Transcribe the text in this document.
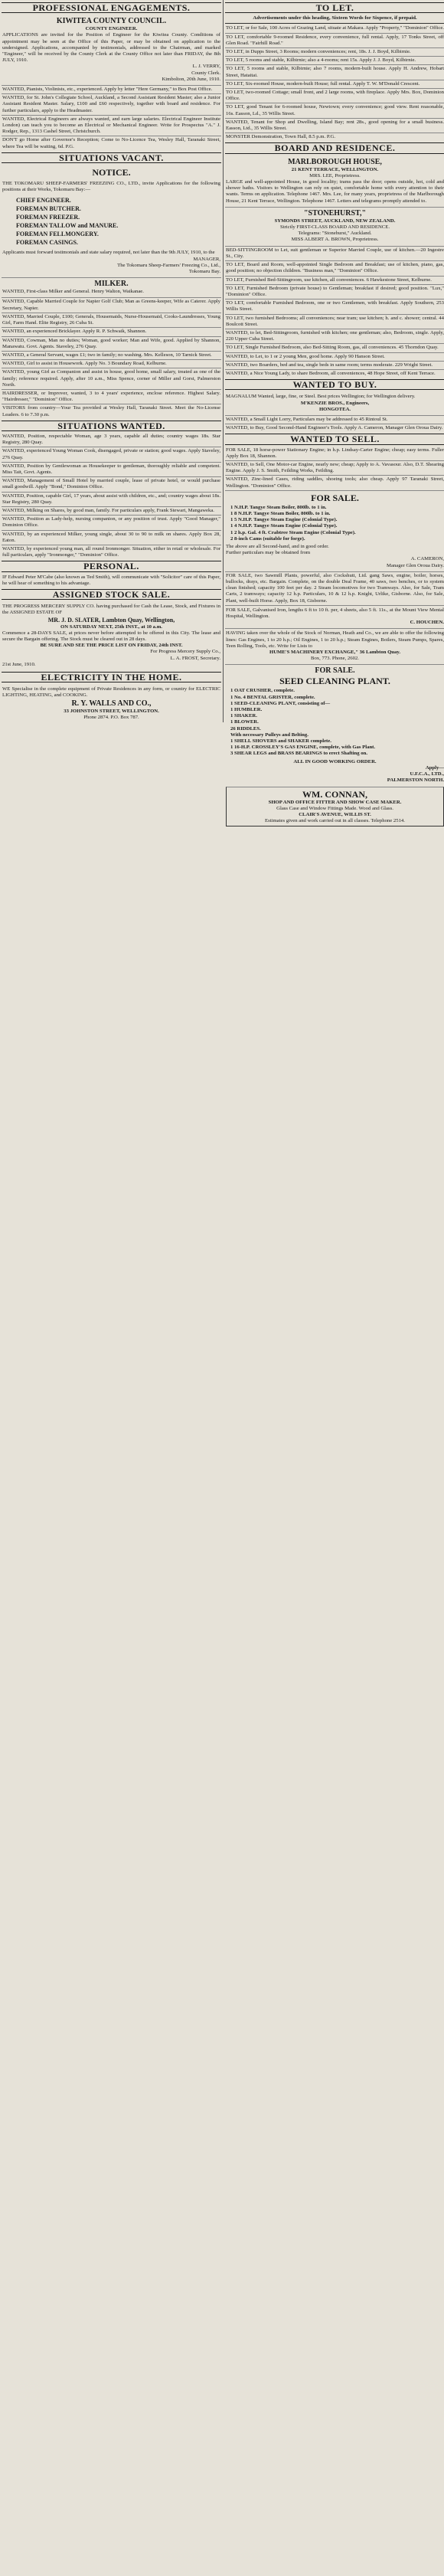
PROFESSIONAL ENGAGEMENTS.
KIWITEA COUNTY COUNCIL.
COUNTY ENGINEER.
APPLICATIONS are invited for the Position of Engineer for the Kiwitea County. Conditions of appointment may be seen at the Office of this Paper, or may be obtained on application to the undersigned. Applications, accompanied by testimonials, addressed to the Chairman, and marked "Engineer," will be received by the County Clerk at the County Office not later than FRIDAY, the 8th JULY, 1910.
L. J. VERRY,
County Clerk.
Kimbolton, 20th June, 1910.
WANTED, Pianists, Violinists, etc., experienced. Apply by letter "Here Germany," to Box Post Office.
WANTED, for St. John's Collegiate School, Auckland, a Second Assistant Resident Master; also a Junior Assistant Resident Master. Salary, £100 and £60 respectively, together with board and residence. For further particulars, apply to the Headmaster.
WANTED, Electrical Engineers are always wanted, and earn large salaries. Electrical Engineer Institute London) can teach you to become an Electrical or Mechanical Engineer. Write for Prospectus "A." J. Rodger, Rep., 1313 Cashel Street, Christchurch.
DON'T go Home after Governor's Reception; Come to No-Licence Tea, Wesley Hall, Taranaki Street, where Tea will be waiting, 6d. P.G.
SITUATIONS VACANT.
NOTICE.
THE TOKOMARU SHEEP-FARMERS' FREEZING CO., LTD., invite Applications for the following positions at their Works, Tokomaru Bay:—
CHIEF ENGINEER.
FOREMAN BUTCHER.
FOREMAN FREEZER.
FOREMAN TALLOW and MANURE.
FOREMAN FELLMONGERY.
FOREMAN CASINGS.
Applicants must forward testimonials and state salary required, not later than the 9th JULY, 1910, to the
MANAGER,
The Tokomaru Sheep-Farmers' Freezing Co., Ltd.,
Tokomaru Bay.
MILKER.
WANTED, First-class Milker and General. Henry Walton, Waikanae.
WANTED, Capable Married Couple for Napier Golf Club; Man as Greens-keeper, Wife as Caterer. Apply Secretary, Napier.
WANTED, Married Couple, £100; Generals, Housemaids, Nurse-Housemaid, Cooks-Laundresses, Young Girl, Farm Hand. Elite Registry, 26 Cuba St.
WANTED, an experienced Bricklayer. Apply R. P. Schwaik, Shannon.
WANTED, Cowman, Man no duties; Woman, good worker; Man and Wife, good. Applied by Shannon, Manawatu. Govt. Agents. Staveley, 276 Quay.
WANTED, a General Servant, wages £1; two in family; no washing. Mrs. Kelleson, 10 Tarnick Street.
WANTED, Girl to assist in Housework. Apply No. 3 Boundary Road, Kelburne.
WANTED, young Girl as Companion and assist in house, good home, small salary, treated as one of the family; reference required. Apply, after 10 a.m., Miss Spence, corner of Miller and Gorst, Palmerston North.
HAIRDRESSER, or Improver, wanted, 3 to 4 years' experience, enclose reference. Highest Salary. "Hairdresser," "Dominion" Office.
VISITORS from country—Your Tea provided at Wesley Hall, Taranaki Street. Meet the No-License Leaders. 6 to 7.30 p.m.
SITUATIONS WANTED.
WANTED, Position, respectable Woman, age 3 years, capable all duties; country wages 18s. Star Registry, 280 Quay.
WANTED, experienced Young Woman Cook, disengaged, private or station; good wages. Apply Staveley, 276 Quay.
WANTED, Position by Gentlewoman as Housekeeper to gentleman, thoroughly reliable and competent. Miss Tait, Govt. Agents.
WANTED, Management of Small Hotel by married couple, lease of private hotel, or would purchase small goodwill. Apply "Bond," Dominion Office.
WANTED, Position, capable Girl, 17 years, about assist with children, etc., and; country wages about 18s. Star Registry, 280 Quay.
WANTED, Milking on Shares, by good man, family. For particulars apply, Frank Stewart, Mangaweka.
WANTED, Position as Lady-help, nursing companion, or any position of trust. Apply "Good Manager," Dominion Office.
WANTED, by an experienced Milker, young single, about 30 to 90 to milk on shares. Apply Box 28, Eaton.
WANTED, by experienced young man, all round Ironmonger. Situation, either in retail or wholesale. For full particulars, apply "Ironmonger," "Dominion" Office.
PERSONAL.
IF Edward Peter M'Cabe (also known as Ted Smith), will communicate with "Solicitor" care of this Paper, he will hear of something to his advantage.
ASSIGNED STOCK SALE.
THE PROGRESS MERCERY SUPPLY CO. having purchased for Cash the Lease, Stock, and Fixtures in the ASSIGNED ESTATE OF
MR. J. D. SLATER, Lambton Quay, Wellington,
ON SATURDAY NEXT, 25th INST., at 10 a.m.
Commence a 28-DAYS SALE, at prices never before attempted to be offered in this City. The lease and secure the Bargain offering. The Stock must be cleared out in 28 days.
BE SURE AND SEE THE PRICE LIST ON FRIDAY, 24th INST.
For Progress Mercery Supply Co.,
L. A. FROST, Secretary.
21st June, 1910.
ELECTRICITY IN THE HOME.
WE Specialise in the complete equipment of Private Residences in any form, or country for ELECTRIC LIGHTING, HEATING, and COOKING.
R. Y. WALLS AND CO.,
33 JOHNSTON STREET, WELLINGTON.
Phone 2874. P.O. Box 787.
TO LET.
Advertisements under this heading, Sixteen Words for Sixpence, if prepaid.
TO LET, or for Sale, 100 Acres of Grazing Land, situate at Makara. Apply "Property," "Dominion" Office.
TO LET, comfortable 9-roomed Residence, every convenience, full rental. Apply, 17 Tonks Street, off Glen Road. "Fairhill Road."
TO LET, in Dupps Street, 3 Rooms; modern conveniences; rent, 18s. J. J. Boyd, Kilbirnie.
TO LET, 5 rooms and stable, Kilbirnie; also a 4-rooms; rent 15s. Apply J. J. Boyd, Kilbirnie.
TO LET, 5 rooms and stable, Kilbirnie; also 7 rooms, modern-built house. Apply H. Andrew, Hobart Street, Hataitai.
TO LET, Six-roomed House, modern-built House; full rental. Apply T. W. M'Donald Crescent.
TO LET, two-roomed Cottage; small front, and 2 large rooms, with fireplace. Apply Mrs. Box, Dominion Office.
TO LET, good Tenant for 6-roomed house, Newtown; every convenience; good view. Rent reasonable, 16s. Easson, Ld., 35 Willis Street.
WANTED, Tenant for Shop and Dwelling, Island Bay; rent 28s., good opening for a small business. Easson, Ltd., 35 Willis Street.
MONSTER Demonstration, Town Hall, 8.5 p.m. P.G.
BOARD AND RESIDENCE.
MARLBOROUGH HOUSE,
21 KENT TERRACE, WELLINGTON.
MRS. LEE, Proprietress.
LARGE and well-appointed House, in good locality; trams pass the door; opens outside, hot, cold and shower baths. Visitors to Wellington can rely on quiet, comfortable home with every attention to their wants. Terms on application. Telephone 1467. Mrs. Lee, for many years, proprietress of the Marlborough House, 21 Kent Terrace, Wellington. Telephone 1467. Letters and telegrams promptly attended to.
"STONEHURST,"
SYMONDS STREET, AUCKLAND, NEW ZEALAND.
Strictly FIRST-CLASS BOARD AND RESIDENCE.
Telegrams: "Stonehurst," Auckland.
MISS ALBERT A. BROWN, Proprietress.
BED-SITTINGROOM to Let, suit gentleman or Superior Married Couple, use of kitchen.—20 Ingestre St., City.
TO LET, Board and Room, well-appointed Single Bedroom and Breakfast; use of kitchen, piano, gas, good position; no objection children. "Business man," "Dominion" Office.
TO LET, Furnished Bed-Sittingroom, use kitchen, all conveniences. 6 Hawkestone Street, Kelburne.
TO LET, Furnished Bedroom (private house) to Gentleman; breakfast if desired; good position. "Lux," "Dominion" Office.
TO LET, comfortable Furnished Bedroom, one or two Gentlemen, with breakfast. Apply Southern, 253 Willis Street.
TO LET, two furnished Bedrooms; all conveniences; near tram; use kitchen; h. and c. shower; central. 44 Boulcott Street.
WANTED, to let, Bed-Sittingroom, furnished with kitchen; one gentleman; also, Bedroom, single. Apply, 220 Upper Cuba Street.
TO LET, Single Furnished Bedroom, also Bed-Sitting Room, gas, all conveniences. 45 Thorndon Quay.
WANTED, to Let, to 1 or 2 young Men, good home. Apply 90 Hanson Street.
WANTED, two Boarders, bed and tea, single beds in same room; terms moderate. 229 Wright Street.
WANTED, a Nice Young Lady, to share Bedroom, all conveniences, 48 Hope Street, off Kent Terrace.
WANTED TO BUY.
MAGNALUM Wanted, large, fine, or Steel. Best prices Wellington; for Wellington delivery.
M'KENZIE BROS., Engineers,
HONGOTEA.
WANTED, a Small Light Lorry, Particulars may be addressed to 45 Rintoul St.
WANTED, to Buy, Good Second-Hand Engineer's Tools. Apply A. Cameron, Manager Glen Oroua Dairy.
WANTED TO SELL.
FOR SALE, 18 horse-power Stationary Engine; in h.p. Lindsay-Carter Engine; cheap; easy terms. Fuller Apply Box 18, Shannon.
WANTED, to Sell, One Motor-car Engine, nearly new; cheap; Apply to A. Vavasour. Also, D.T. Shearing Engine. Apply J. S. Smith, Feilding Works, Feilding.
WANTED, Zinc-lined Cases, riding saddles, shoeing tools; also cheap. Apply 97 Taranaki Street, Wellington. "Dominion" Office.
FOR SALE.
1 N.H.P. Tangye Steam Boiler, 800lb. to 1 in.
1 8 N.H.P. Tangye Steam Boiler, 800lb. to 1 in.
1 5 N.H.P. Tangye Steam Engine (Colonial Type).
1 4 N.H.P. Tangye Steam Engine (Colonial Type).
1 2 h.p. Gal. 4 ft. Crabtree Steam Engine (Colonial Type).
2 8-inch Cams (suitable for forge).
The above are all Second-hand, and in good order.
Further particulars may be obtained from
A. CAMERON,
Manager Glen Oroua Dairy.
FOR SALE, two Sawmill Plants, powerful, also Cockshutt, Ltd. gang Saws, engine, boiler, horses, bullocks, drays, etc. Bargain. Complete, on the double Deal Frame, 40 saws, two benches, or to system clean finished; capacity 100 feet per day. 2 Steam locomotives for two Tramways. Also, for Sale, Tram Carts, 2 tramways; capacity 12 h.p. Particulars, 10 & 12 h.p. Knight, Urlike, Gisborne. Also, for Sale, Plant, well-built Horse. Apply, Box 18, Gisborne.
FOR SALE, Galvanised Iron, lengths 6 ft to 10 ft. per, 4 sheets, also 5 ft. 11s., at the Mount View Mental Hospital, Wellington.
C. HOUCHEN.
HAVING taken over the whole of the Stock of Norman, Heath and Co., we are able to offer the following lines: Gas Engines, 1 to 20 h.p.; Oil Engines, 1 to 20 h.p.; Steam Engines, Boilers, Steam Pumps, Spares, Teen Rolling, Tools, etc. Write for Lists to
HUME'S MACHINERY EXCHANGE," 36 Lambton Quay.
Box, 773. Phone, 2602.
FOR SALE.
SEED CLEANING PLANT.
1 OAT CRUSHER, complete.
1 No. 4 BENTAL GRISTER, complete.
1 SEED-CLEANING PLANT, consisting of—
1 HUMBLER.
1 SHAKER.
1 BLOWER.
26 RIDDLES.
With necessary Pulleys and Belting.
1 SHELL SHOVERS and SHAKER complete.
1 16-H.P. CROSSLEY'S GAS ENGINE, complete, with Gas Plant.
3 SHEAR LEGS and BRASS BEARINGS to erect Shafting on.
ALL IN GOOD WORKING ORDER.
Apply—
U.F.C.A., LTD.,
PALMERSTON NORTH.
WM. CONNAN,
SHOP AND OFFICE FITTER AND SHOW CASE MAKER.
Glass Case and Window Fittings Made. Wood and Glass.
CLAIR'S AVENUE, WILLIS ST.
Estimates given and work carried out in all classes. Telephone 2514.
